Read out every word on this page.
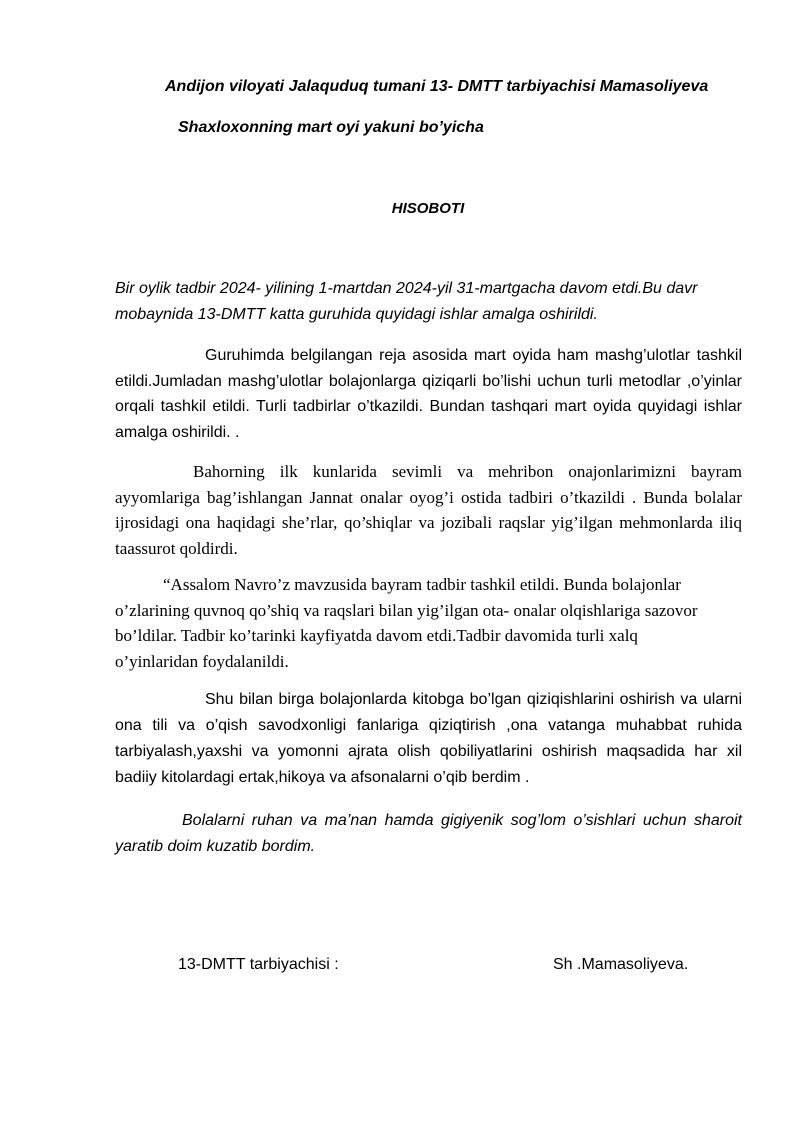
Andijon viloyati Jalaquduq tumani 13- DMTT tarbiyachisi Mamasoliyeva
Shaxloxonning mart oyi yakuni bo’yicha
HISOBOTI

Bir oylik tadbir 2024- yilining 1-martdan 2024-yil 31-martgacha davom etdi.Bu davr mobaynida 13-DMTT katta guruhida quyidagi ishlar amalga oshirildi.

Guruhimda belgilangan reja asosida mart oyida ham mashg’ulotlar tashkil etildi.Jumladan mashg’ulotlar bolajonlarga qiziqarli bo’lishi uchun turli metodlar ,o’yinlar orqali tashkil etildi. Turli tadbirlar o’tkazildi. Bundan tashqari mart oyida quyidagi ishlar amalga oshirildi. .

Bahorning ilk kunlarida sevimli va mehribon onajonlarimizni bayram ayyomlariga bag’ishlangan Jannat onalar oyog’i ostida tadbiri o’tkazildi . Bunda bolalar ijrosidagi ona haqidagi she’rlar, qo’shiqlar va jozibali raqslar yig’ilgan mehmonlarda iliq taassurot qoldirdi.

“Assalom Navro’z mavzusida bayram tadbir tashkil etildi. Bunda bolajonlar o’zlarining quvnoq qo’shiq va raqslari bilan yig’ilgan ota- onalar olqishlariga sazovor bo’ldilar. Tadbir ko’tarinki kayfiyatda davom etdi.Tadbir davomida turli xalq o’yinlaridan foydalanildi.

Shu bilan birga bolajonlarda kitobga bo’lgan qiziqishlarini oshirish va ularni ona tili va o’qish savodxonligi fanlariga qiziqtirish ,ona vatanga muhabbat ruhida tarbiyalash,yaxshi va yomonni ajrata olish qobiliyatlarini oshirish maqsadida har xil badiiy kitolardagi ertak,hikoya va afsonalarni o’qib berdim .

Bolalarni ruhan va ma’nan hamda gigiyenik sog’lom o’sishlari uchun sharoit yaratib doim kuzatib bordim.

13-DMTT tarbiyachisi :	Sh .Mamasoliyeva.
